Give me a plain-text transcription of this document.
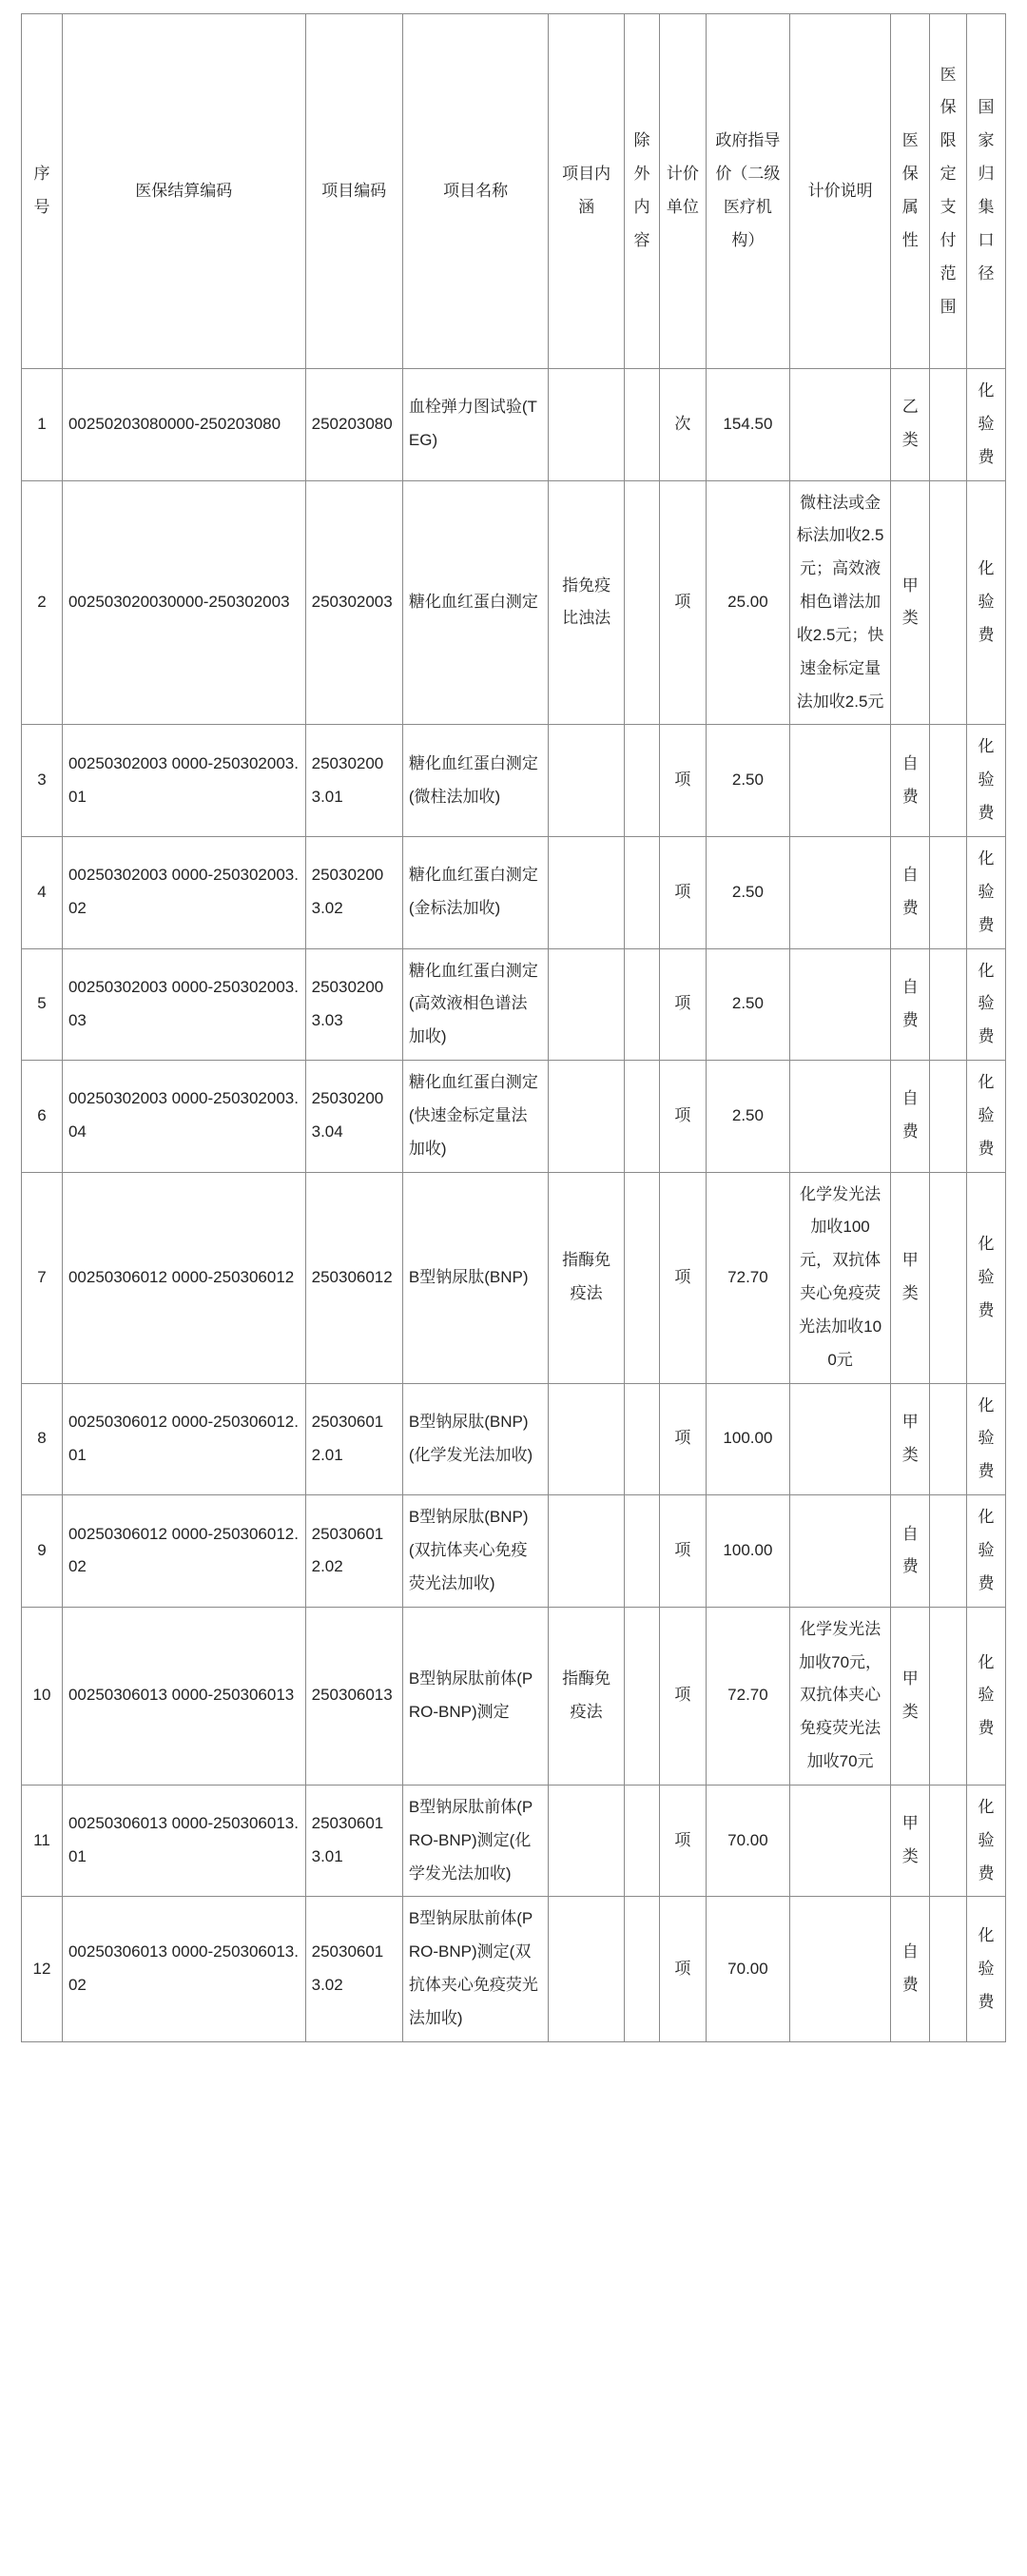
序号	医保结算编码	项目编码	项目名称	项目内涵	除外内容	计价单位	政府指导价（二级医疗机构）	计价说明	医保属性	医保限定支付范围	国家归集口径
1	00250203080000-250203080	250203080	血栓弹力图试验(TEG)			次	154.50		乙类		化验费
2	002503020030000-250302003	250302003	糖化血红蛋白测定	指免疫比浊法		项	25.00	微柱法或金标法加收2.5元；高效液相色谱法加收2.5元；快速金标定量法加收2.5元	甲类		化验费
3	00250302003 0000-250302003.01	250302003.01	糖化血红蛋白测定(微柱法加收)			项	2.50		自费		化验费
4	00250302003 0000-250302003.02	250302003.02	糖化血红蛋白测定(金标法加收)			项	2.50		自费		化验费
5	00250302003 0000-250302003.03	250302003.03	糖化血红蛋白测定(高效液相色谱法加收)			项	2.50		自费		化验费
6	00250302003 0000-250302003.04	250302003.04	糖化血红蛋白测定(快速金标定量法加收)			项	2.50		自费		化验费
7	00250306012 0000-250306012	250306012	B型钠尿肽(BNP)	指酶免疫法		项	72.70	化学发光法加收100元，双抗体夹心免疫荧光法加收100元	甲类		化验费
8	00250306012 0000-250306012.01	250306012.01	B型钠尿肽(BNP)(化学发光法加收)			项	100.00		甲类		化验费
9	00250306012 0000-250306012.02	250306012.02	B型钠尿肽(BNP)(双抗体夹心免疫荧光法加收)			项	100.00		自费		化验费
10	00250306013 0000-250306013	250306013	B型钠尿肽前体(PRO-BNP)测定	指酶免疫法		项	72.70	化学发光法加收70元，双抗体夹心免疫荧光法加收70元	甲类		化验费
11	00250306013 0000-250306013.01	250306013.01	B型钠尿肽前体(PRO-BNP)测定(化学发光法加收)			项	70.00		甲类		化验费
12	00250306013 0000-250306013.02	250306013.02	B型钠尿肽前体(PRO-BNP)测定(双抗体夹心免疫荧光法加收)			项	70.00		自费		化验费
